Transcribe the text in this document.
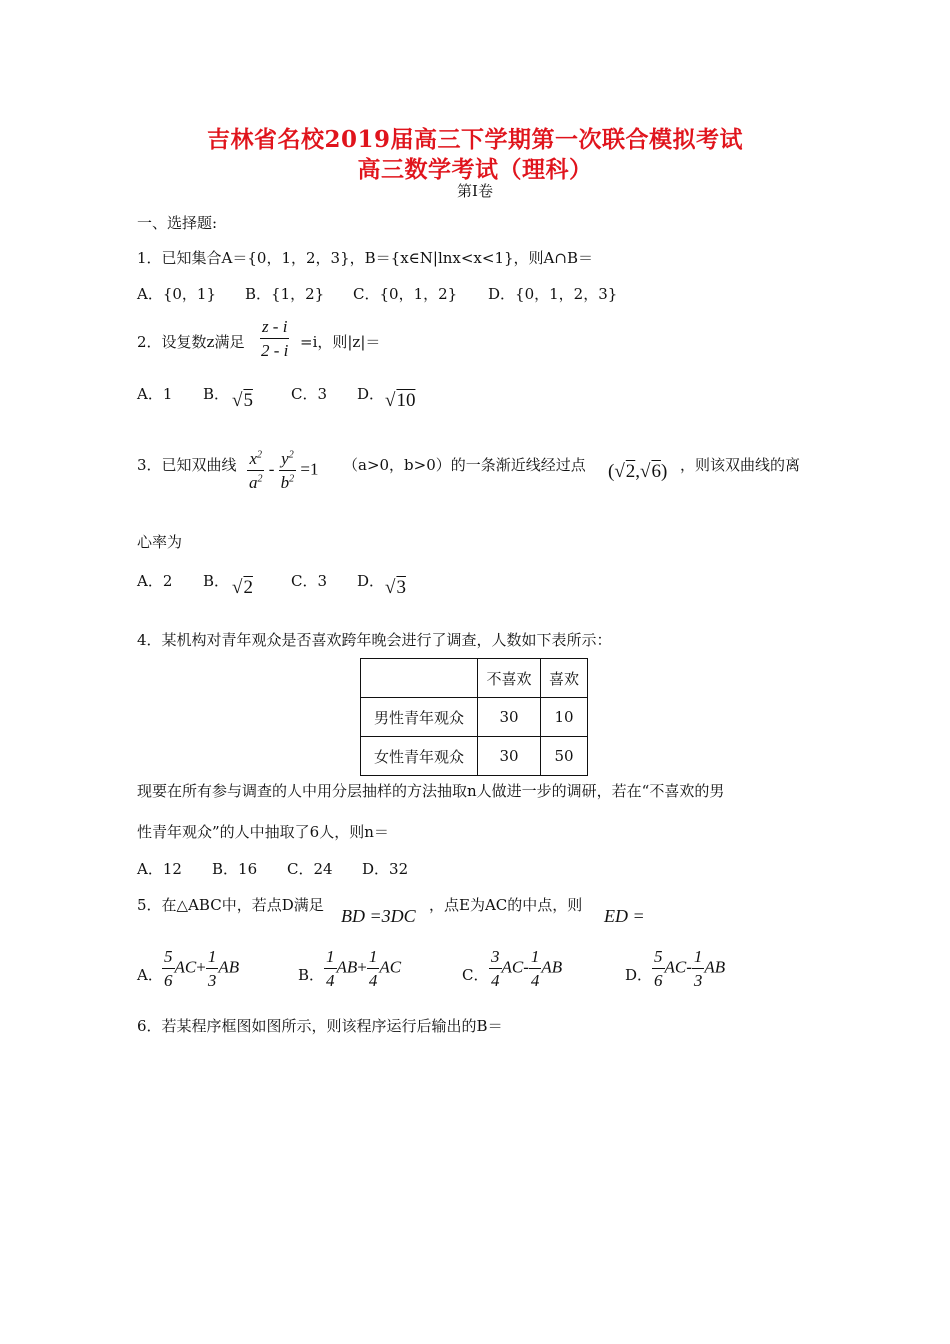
吉林省名校2019届高三下学期第一次联合模拟考试
高三数学考试（理科）
第Ⅰ卷
一、选择题:
1．已知集合A＝{0，1，2，3}，B＝{x∈N|lnx<x<1}，则A∩B＝
A．{0，1} B．{1，2} C．{0，1，2} D．{0，1，2，3}
2．设复数z满足 $\frac{z - i}{2 - i} =i$，则|z|＝
A．1 B． √5	C．3 D． √10
3．已知双曲线 $\frac{x^2}{a^2} - \frac{y^2}{b^2} =1$ （a>0，b>0）的一条渐近线经过点 (√2,√6) ，则该双曲线的离
心率为
A．2 B． √2	C．3 D． √3
4．某机构对青年观众是否喜欢跨年晚会进行了调查，人数如下表所示：
	不喜欢	喜欢
男性青年观众	30	10
女性青年观众	30	50
现要在所有参与调查的人中用分层抽样的方法抽取n人做进一步的调研，若在“不喜欢的男
性青年观众”的人中抽取了6人，则n＝
A．12 B．16 C．24 D．32
5．在△ABC中，若点D满足
BD =3DC
，点E为AC的中点，则
ED =
A． $\frac{5}{6} AC+ \frac{1}{3}$ AB	B． $\frac{1}{4} AB+ \frac{1}{4}$ AC	C． $\frac{3}{4} AC- \frac{1}{4}$ AB	D． $\frac{5}{6} AC- \frac{1}{3}$ AB
6．若某程序框图如图所示，则该程序运行后输出的B＝
